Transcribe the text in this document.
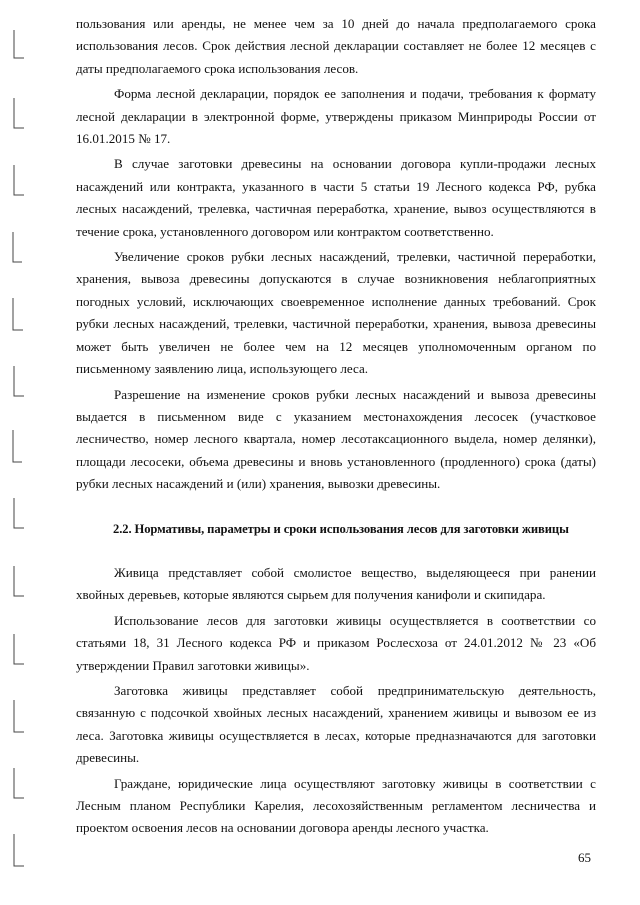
пользования или аренды, не менее чем за 10 дней до начала предполагаемого срока использования лесов. Срок действия лесной декларации составляет не более 12 месяцев с даты предполагаемого срока использования лесов.

Форма лесной декларации, порядок ее заполнения и подачи, требования к формату лесной декларации в электронной форме, утверждены приказом Минприроды России от 16.01.2015 № 17.

В случае заготовки древесины на основании договора купли-продажи лесных насаждений или контракта, указанного в части 5 статьи 19 Лесного кодекса РФ, рубка лесных насаждений, трелевка, частичная переработка, хранение, вывоз осуществляются в течение срока, установленного договором или контрактом соответственно.

Увеличение сроков рубки лесных насаждений, трелевки, частичной переработки, хранения, вывоза древесины допускаются в случае возникновения неблагоприятных погодных условий, исключающих своевременное исполнение данных требований. Срок рубки лесных насаждений, трелевки, частичной переработки, хранения, вывоза древесины может быть увеличен не более чем на 12 месяцев уполномоченным органом по письменному заявлению лица, использующего леса.

Разрешение на изменение сроков рубки лесных насаждений и вывоза древесины выдается в письменном виде с указанием местонахождения лесосек (участковое лесничество, номер лесного квартала, номер лесотаксационного выдела, номер делянки), площади лесосеки, объема древесины и вновь установленного (продленного) срока (даты) рубки лесных насаждений и (или) хранения, вывозки древесины.

2.2. Нормативы, параметры и сроки использования лесов для заготовки живицы

Живица представляет собой смолистое вещество, выделяющееся при ранении хвойных деревьев, которые являются сырьем для получения канифоли и скипидара.

Использование лесов для заготовки живицы осуществляется в соответствии со статьями 18, 31 Лесного кодекса РФ и приказом Рослесхоза от 24.01.2012 № 23 «Об утверждении Правил заготовки живицы».

Заготовка живицы представляет собой предпринимательскую деятельность, связанную с подсочкой хвойных лесных насаждений, хранением живицы и вывозом ее из леса. Заготовка живицы осуществляется в лесах, которые предназначаются для заготовки древесины.

Граждане, юридические лица осуществляют заготовку живицы в соответствии с Лесным планом Республики Карелия, лесохозяйственным регламентом лесничества и проектом освоения лесов на основании договора аренды лесного участка.

65
